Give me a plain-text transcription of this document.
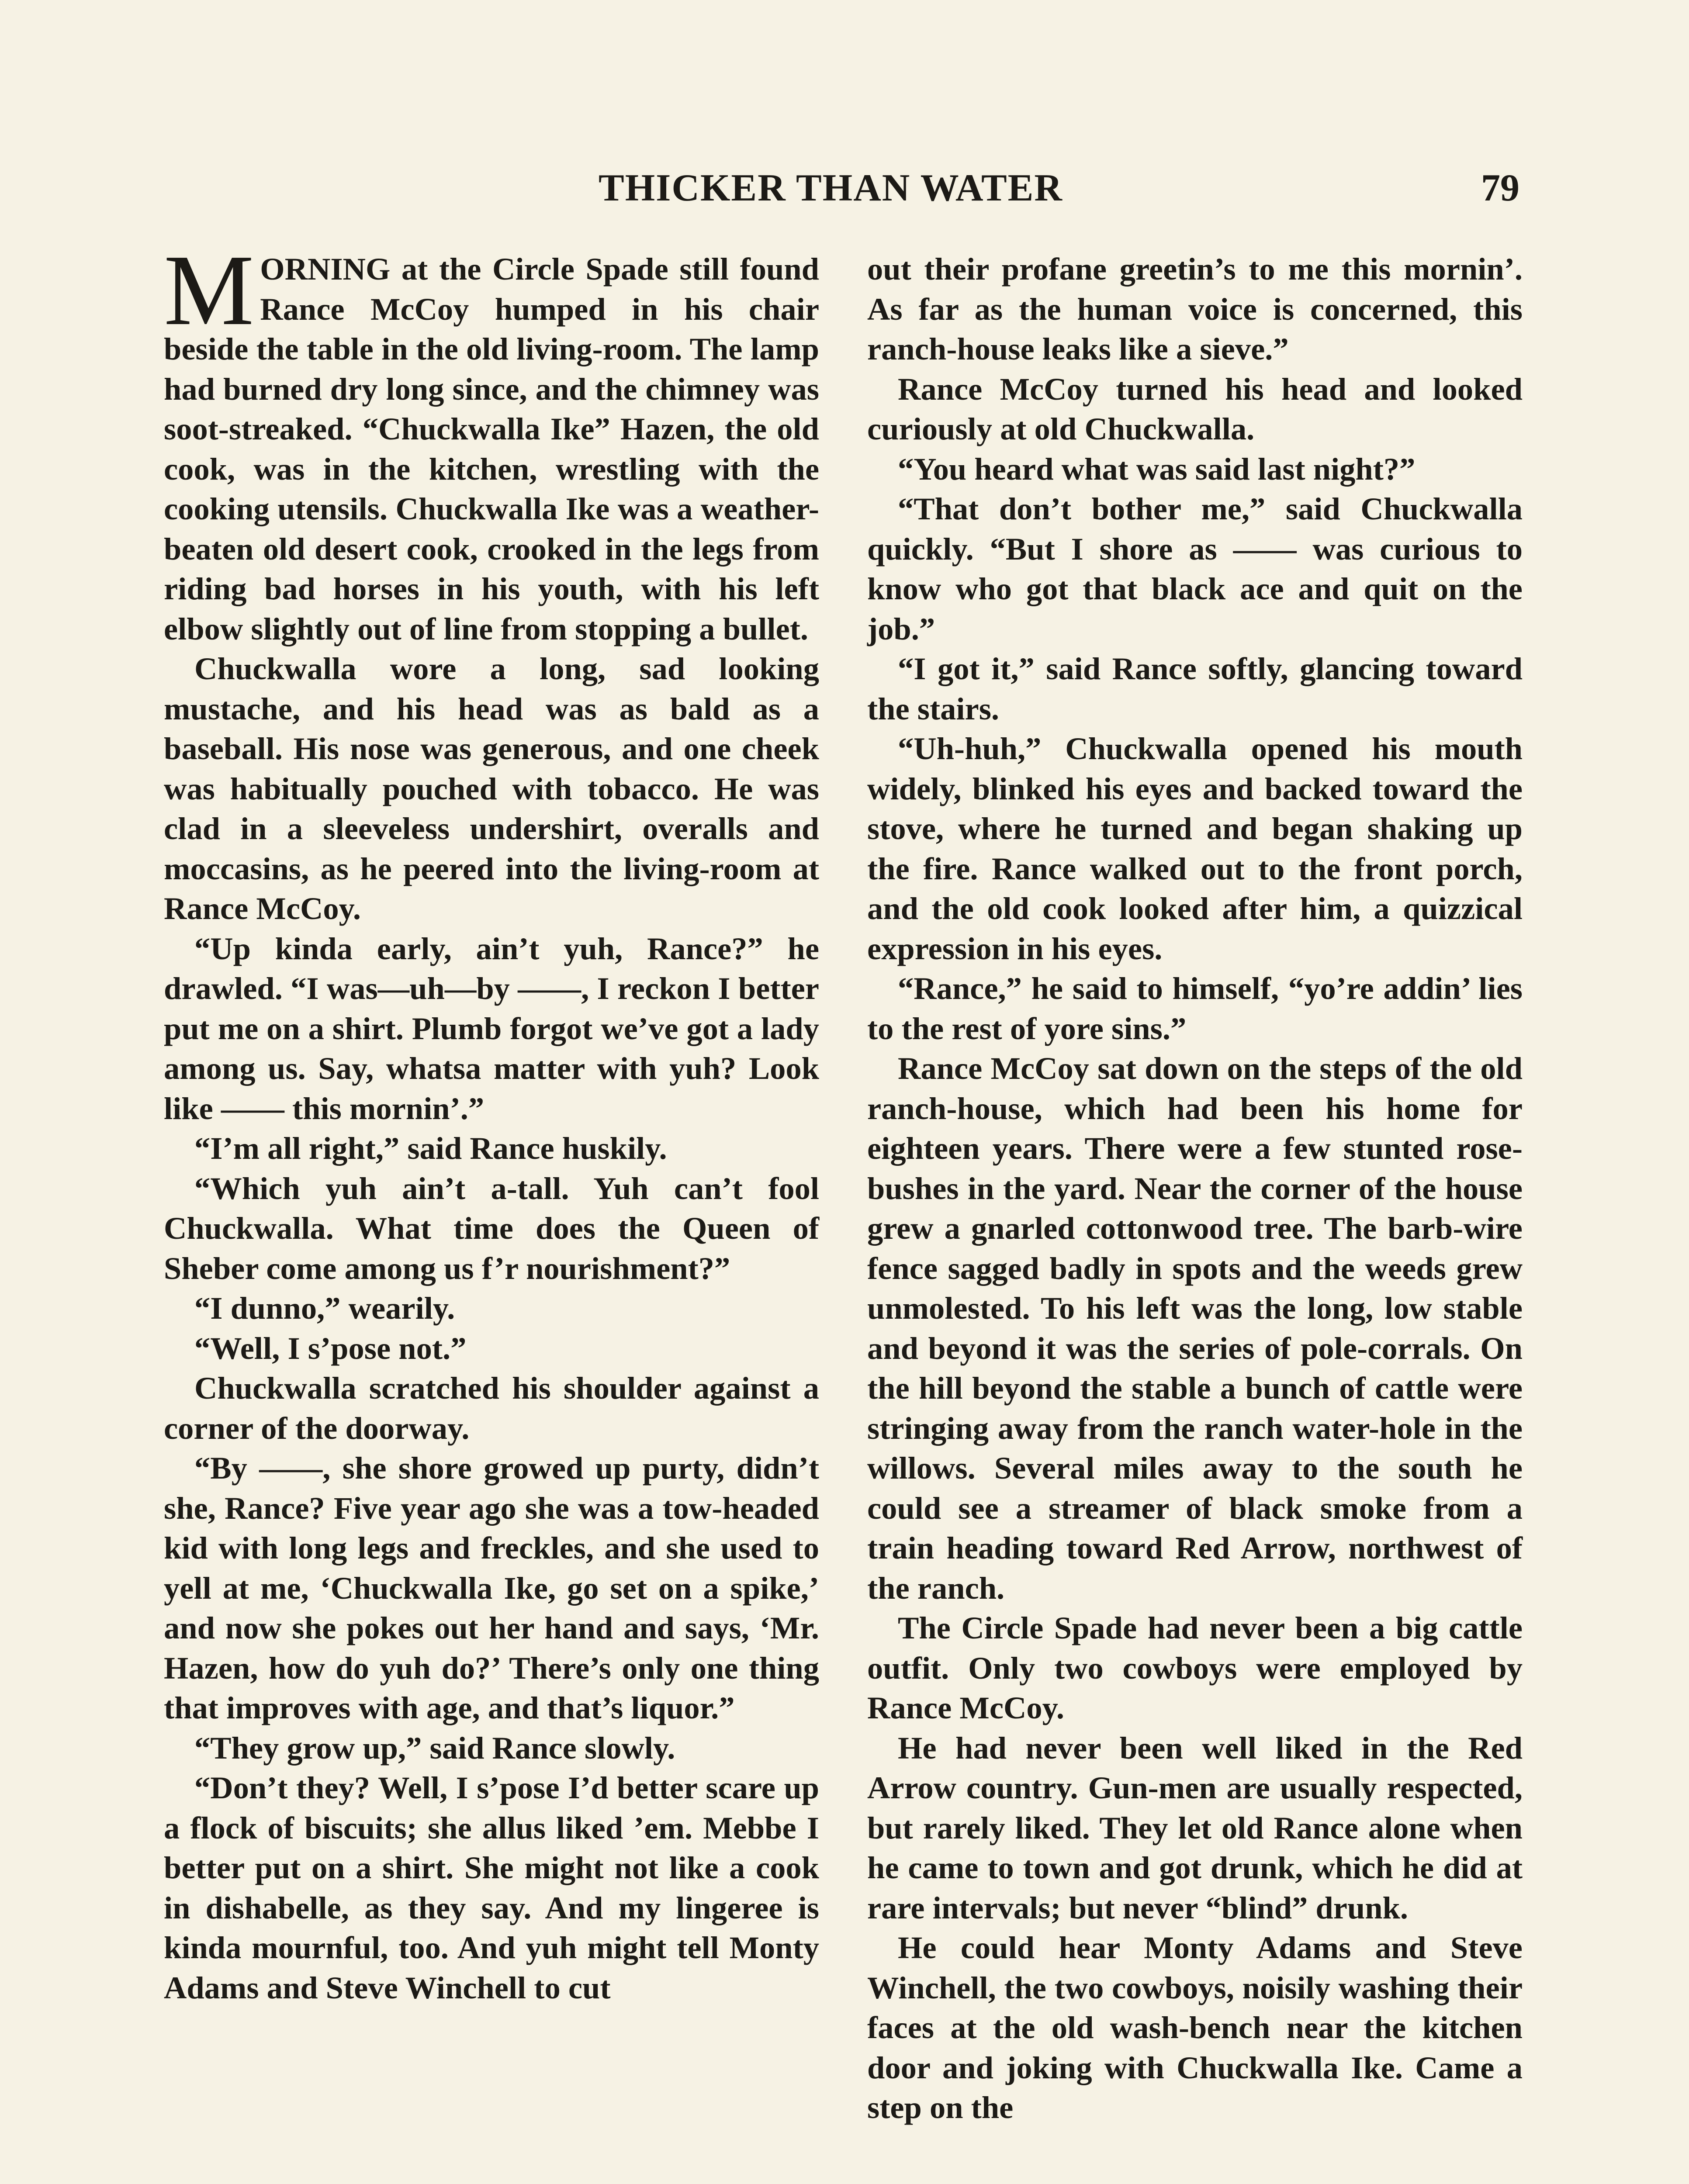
THICKER THAN WATER	79

MORNING at the Circle Spade still found Rance McCoy humped in his chair beside the table in the old living-room. The lamp had burned dry long since, and the chimney was soot-streaked. “Chuckwalla Ike” Hazen, the old cook, was in the kitchen, wrestling with the cooking utensils. Chuckwalla Ike was a weather-beaten old desert cook, crooked in the legs from riding bad horses in his youth, with his left elbow slightly out of line from stopping a bullet.

Chuckwalla wore a long, sad looking mustache, and his head was as bald as a baseball. His nose was generous, and one cheek was habitually pouched with tobacco. He was clad in a sleeveless undershirt, overalls and moccasins, as he peered into the living-room at Rance McCoy.

“Up kinda early, ain’t yuh, Rance?” he drawled. “I was—uh—by ——, I reckon I better put me on a shirt. Plumb forgot we’ve got a lady among us. Say, whatsa matter with yuh? Look like —— this mornin’.”

“I’m all right,” said Rance huskily.

“Which yuh ain’t a-tall. Yuh can’t fool Chuckwalla. What time does the Queen of Sheber come among us f’r nourishment?”

“I dunno,” wearily.

“Well, I s’pose not.”

Chuckwalla scratched his shoulder against a corner of the doorway.

“By ——, she shore growed up purty, didn’t she, Rance? Five year ago she was a tow-headed kid with long legs and freckles, and she used to yell at me, ‘Chuckwalla Ike, go set on a spike,’ and now she pokes out her hand and says, ‘Mr. Hazen, how do yuh do?’ There’s only one thing that improves with age, and that’s liquor.”

“They grow up,” said Rance slowly.

“Don’t they? Well, I s’pose I’d better scare up a flock of biscuits; she allus liked ’em. Mebbe I better put on a shirt. She might not like a cook in dishabelle, as they say. And my lingeree is kinda mournful, too. And yuh might tell Monty Adams and Steve Winchell to cut

out their profane greetin’s to me this mornin’. As far as the human voice is concerned, this ranch-house leaks like a sieve.”

Rance McCoy turned his head and looked curiously at old Chuckwalla.

“You heard what was said last night?”

“That don’t bother me,” said Chuckwalla quickly. “But I shore as —— was curious to know who got that black ace and quit on the job.”

“I got it,” said Rance softly, glancing toward the stairs.

“Uh-huh,” Chuckwalla opened his mouth widely, blinked his eyes and backed toward the stove, where he turned and began shaking up the fire. Rance walked out to the front porch, and the old cook looked after him, a quizzical expression in his eyes.

“Rance,” he said to himself, “yo’re addin’ lies to the rest of yore sins.”

Rance McCoy sat down on the steps of the old ranch-house, which had been his home for eighteen years. There were a few stunted rose-bushes in the yard. Near the corner of the house grew a gnarled cottonwood tree. The barb-wire fence sagged badly in spots and the weeds grew unmolested. To his left was the long, low stable and beyond it was the series of pole-corrals. On the hill beyond the stable a bunch of cattle were stringing away from the ranch water-hole in the willows. Several miles away to the south he could see a streamer of black smoke from a train heading toward Red Arrow, northwest of the ranch.

The Circle Spade had never been a big cattle outfit. Only two cowboys were employed by Rance McCoy.

He had never been well liked in the Red Arrow country. Gun-men are usually respected, but rarely liked. They let old Rance alone when he came to town and got drunk, which he did at rare intervals; but never “blind” drunk.

He could hear Monty Adams and Steve Winchell, the two cowboys, noisily washing their faces at the old wash-bench near the kitchen door and joking with Chuckwalla Ike. Came a step on the
